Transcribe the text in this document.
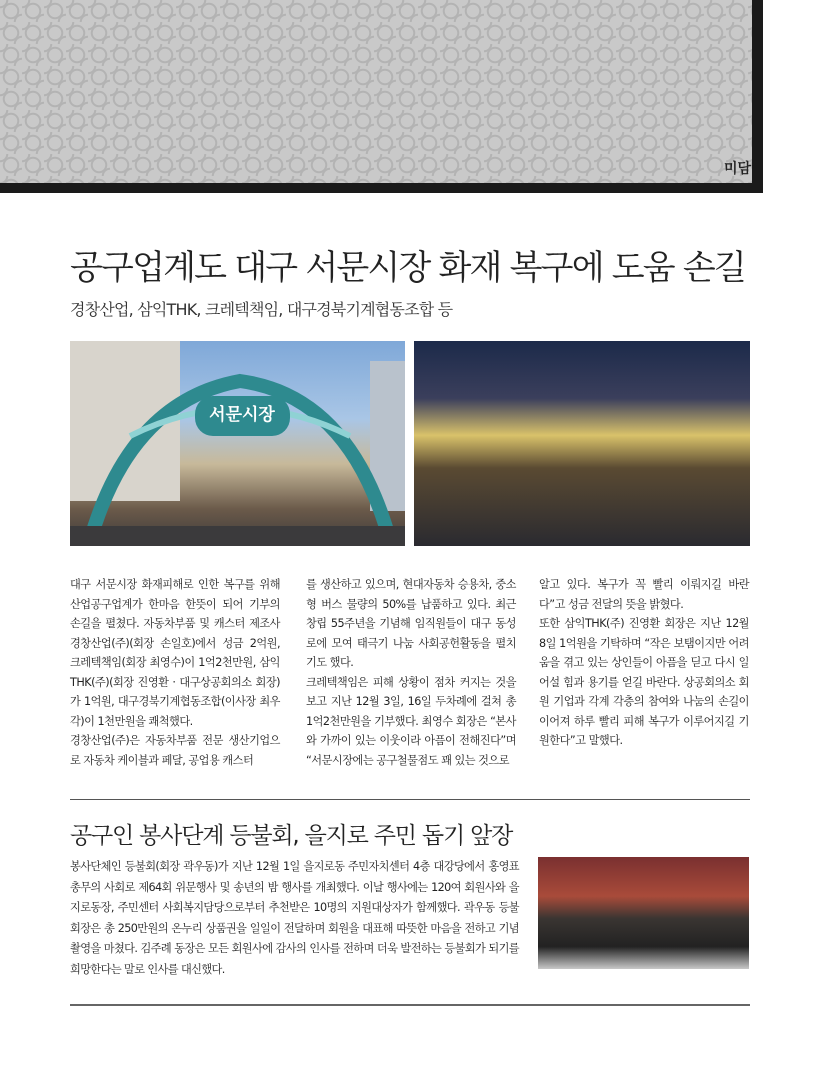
미담
공구업계도 대구 서문시장 화재 복구에 도움 손길
경창산업, 삼익THK, 크레텍책임, 대구경북기계협동조합 등
서문시장

대구 서문시장 화재피해로 인한 복구를 위해 산업공구업계가 한마음 한뜻이 되어 기부의 손길을 펼쳤다. 자동차부품 및 캐스터 제조사 경창산업(주)(회장 손일호)에서 성금 2억원, 크레텍책임(회장 최영수)이 1억2천만원, 삼익THK(주)(회장 진영환 · 대구상공회의소 회장)가 1억원, 대구경북기계협동조합(이사장 최우각)이 1천만원을 쾌척했다.

경창산업(주)은 자동차부품 전문 생산기업으로 자동차 케이블과 페달, 공업용 캐스터

를 생산하고 있으며, 현대자동차 승용차, 중소형 버스 물량의 50%를 납품하고 있다. 최근 창립 55주년을 기념해 임직원들이 대구 동성로에 모여 태극기 나눔 사회공헌활동을 펼치기도 했다.

크레텍책임은 피해 상황이 점차 커지는 것을 보고 지난 12월 3일, 16일 두차례에 걸쳐 총 1억2천만원을 기부했다. 최영수 회장은 “본사와 가까이 있는 이웃이라 아픔이 전해진다”며 “서문시장에는 공구철물점도 꽤 있는 것으로

알고 있다. 복구가 꼭 빨리 이뤄지길 바란다”고 성금 전달의 뜻을 밝혔다.

또한 삼익THK(주) 진영환 회장은 지난 12월 8일 1억원을 기탁하며 “작은 보탬이지만 어려움을 겪고 있는 상인들이 아픔을 딛고 다시 일어설 힘과 용기를 얻길 바란다. 상공회의소 회원 기업과 각계 각층의 참여와 나눔의 손길이 이어져 하루 빨리 피해 복구가 이루어지길 기원한다”고 말했다.

공구인 봉사단계 등불회, 을지로 주민 돕기 앞장

봉사단체인 등불회(회장 곽우동)가 지난 12월 1일 을지로동 주민자치센터 4층 대강당에서 홍영표 총무의 사회로 제64회 위문행사 및 송년의 밤 행사를 개최했다. 이날 행사에는 120여 회원사와 을지로동장, 주민센터 사회복지담당으로부터 추천받은 10명의 지원대상자가 함께했다. 곽우동 등불회장은 총 250만원의 온누리 상품권을 일일이 전달하며 회원을 대표해 따뜻한 마음을 전하고 기념촬영을 마쳤다. 김주례 동장은 모든 회원사에 감사의 인사를 전하며 더욱 발전하는 등불회가 되기를 희망한다는 말로 인사를 대신했다.
